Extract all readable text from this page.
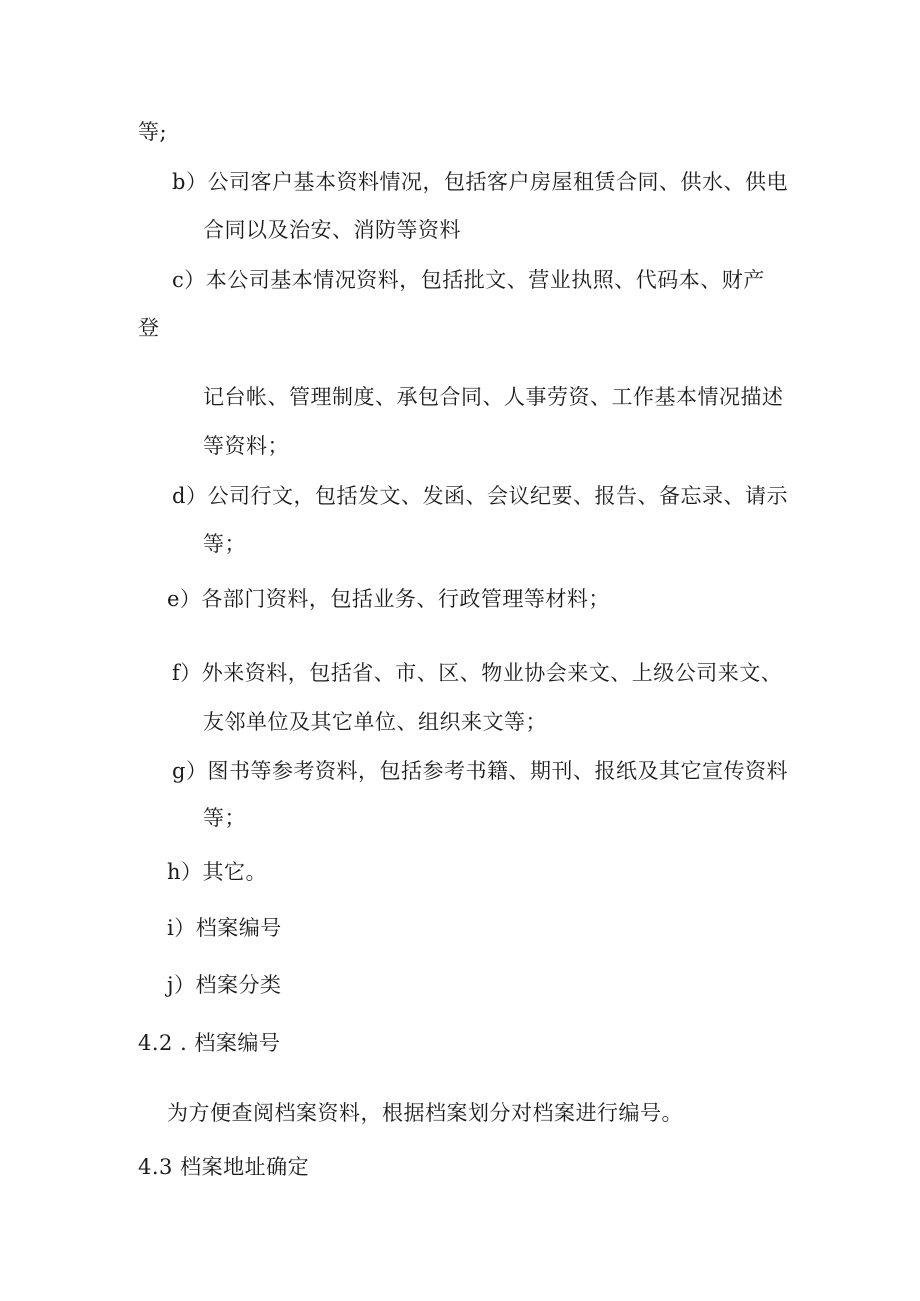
等;
b）公司客户基本资料情况，包括客户房屋租赁合同、供水、供电
合同以及治安、消防等资料
c）本公司基本情况资料，包括批文、营业执照、代码本、财产
登
记台帐、管理制度、承包合同、人事劳资、工作基本情况描述
等资料；
d）公司行文，包括发文、发函、会议纪要、报告、备忘录、请示
等；
e）各部门资料，包括业务、行政管理等材料；
f）外来资料，包括省、市、区、物业协会来文、上级公司来文、
友邻单位及其它单位、组织来文等；
g）图书等参考资料，包括参考书籍、期刊、报纸及其它宣传资料
等；
h）其它。
i）档案编号
j）档案分类
4.2 . 档案编号
为方便查阅档案资料，根据档案划分对档案进行编号。
4.3 档案地址确定
